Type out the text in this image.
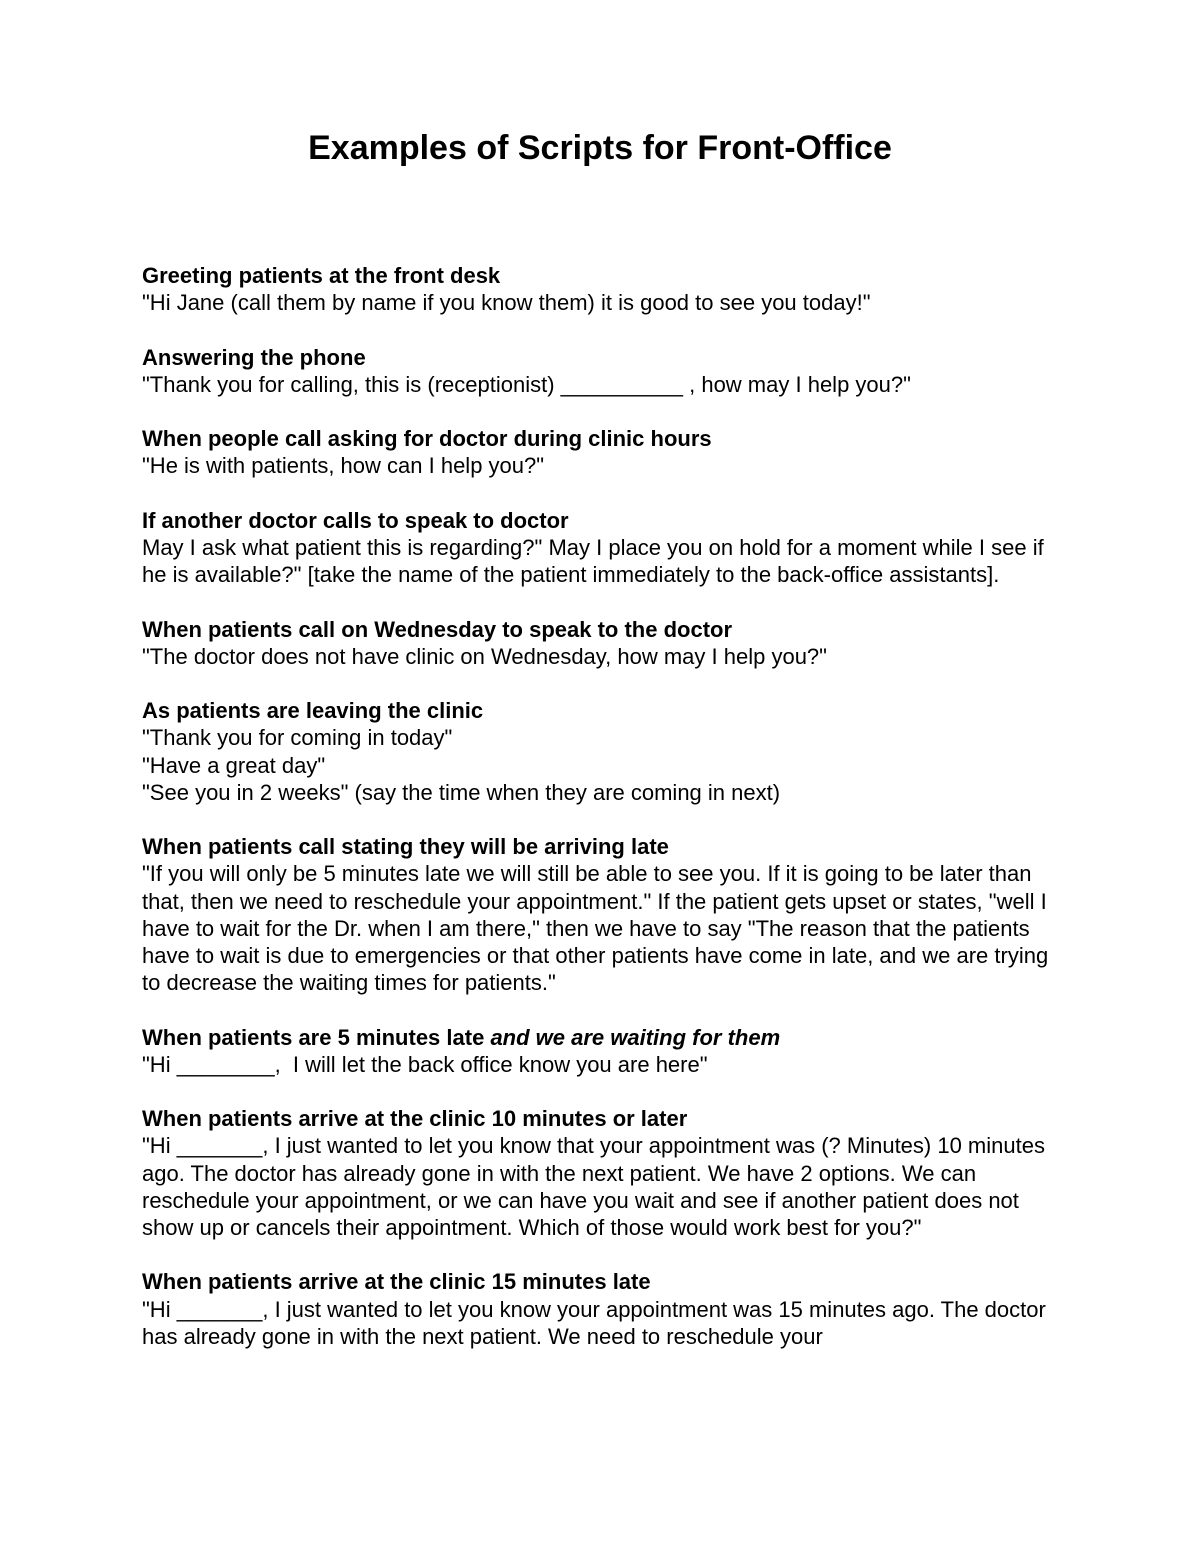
Examples of Scripts for Front-Office

Greeting patients at the front desk

"Hi Jane (call them by name if you know them) it is good to see you today!"

Answering the phone

"Thank you for calling, this is (receptionist) __________ , how may I help you?"

When people call asking for doctor during clinic hours

"He is with patients, how can I help you?"

If another doctor calls to speak to doctor

May I ask what patient this is regarding?" May I place you on hold for a moment while I see if he is available?" [take the name of the patient immediately to the back-office assistants].

When patients call on Wednesday to speak to the doctor

"The doctor does not have clinic on Wednesday, how may I help you?"

As patients are leaving the clinic

"Thank you for coming in today"

"Have a great day"

"See you in 2 weeks" (say the time when they are coming in next)

When patients call stating they will be arriving late

"If you will only be 5 minutes late we will still be able to see you. If it is going to be later than that, then we need to reschedule your appointment." If the patient gets upset or states, "well I have to wait for the Dr. when I am there," then we have to say "The reason that the patients have to wait is due to emergencies or that other patients have come in late, and we are trying to decrease the waiting times for patients."

When patients are 5 minutes late and we are waiting for them

"Hi ________,  I will let the back office know you are here"

When patients arrive at the clinic 10 minutes or later

"Hi _______, I just wanted to let you know that your appointment was (? Minutes) 10 minutes ago. The doctor has already gone in with the next patient. We have 2 options. We can reschedule your appointment, or we can have you wait and see if another patient does not show up or cancels their appointment. Which of those would work best for you?"

When patients arrive at the clinic 15 minutes late

"Hi _______, I just wanted to let you know your appointment was 15 minutes ago. The doctor has already gone in with the next patient. We need to reschedule your
